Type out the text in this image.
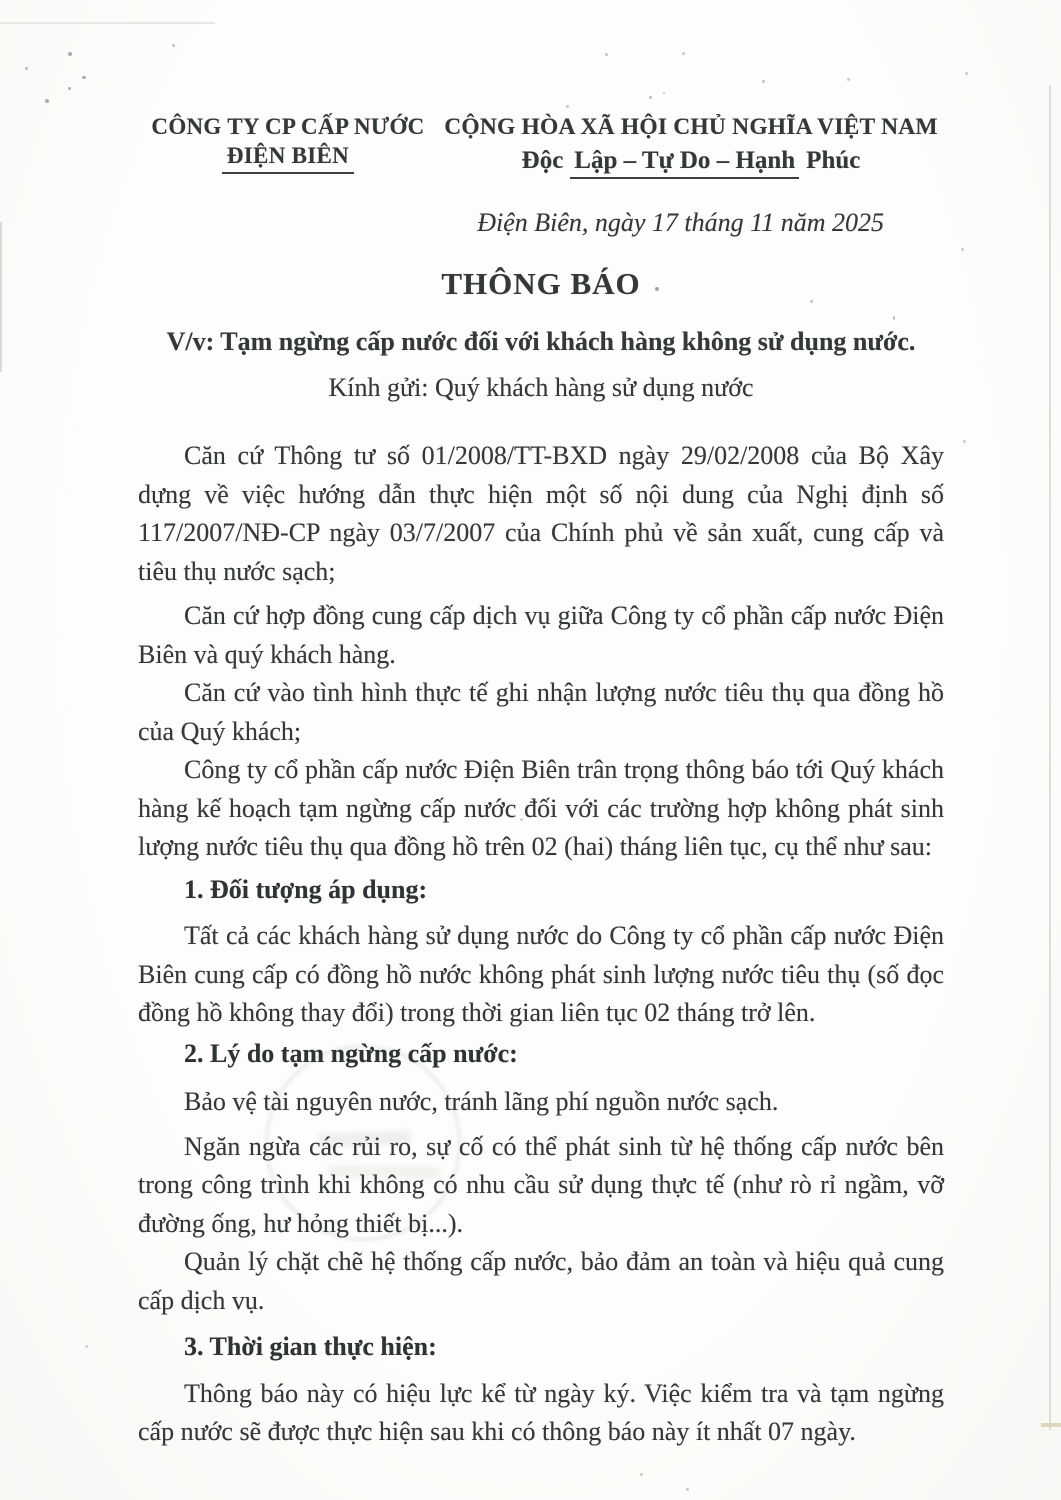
CÔNG TY CP CẤP NƯỚC
ĐIỆN BIÊN
CỘNG HÒA XÃ HỘI CHỦ NGHĨA VIỆT NAM
Độc Lập – Tự Do – Hạnh Phúc
Điện Biên, ngày 17 tháng 11 năm 2025
THÔNG BÁO
V/v: Tạm ngừng cấp nước đối với khách hàng không sử dụng nước.
Kính gửi: Quý khách hàng sử dụng nước

Căn cứ Thông tư số 01/2008/TT-BXD ngày 29/02/2008 của Bộ Xây dựng về việc hướng dẫn thực hiện một số nội dung của Nghị định số 117/2007/NĐ-CP ngày 03/7/2007 của Chính phủ về sản xuất, cung cấp và tiêu thụ nước sạch;

Căn cứ hợp đồng cung cấp dịch vụ giữa Công ty cổ phần cấp nước Điện Biên và quý khách hàng.

Căn cứ vào tình hình thực tế ghi nhận lượng nước tiêu thụ qua đồng hồ của Quý khách;

Công ty cổ phần cấp nước Điện Biên trân trọng thông báo tới Quý khách hàng kế hoạch tạm ngừng cấp nước đối với các trường hợp không phát sinh lượng nước tiêu thụ qua đồng hồ trên 02 (hai) tháng liên tục, cụ thể như sau:

1. Đối tượng áp dụng:

Tất cả các khách hàng sử dụng nước do Công ty cổ phần cấp nước Điện Biên cung cấp có đồng hồ nước không phát sinh lượng nước tiêu thụ (số đọc đồng hồ không thay đổi) trong thời gian liên tục 02 tháng trở lên.

2. Lý do tạm ngừng cấp nước:

Bảo vệ tài nguyên nước, tránh lãng phí nguồn nước sạch.

Ngăn ngừa các rủi ro, sự cố có thể phát sinh từ hệ thống cấp nước bên trong công trình khi không có nhu cầu sử dụng thực tế (như rò rỉ ngầm, vỡ đường ống, hư hỏng thiết bị...).

Quản lý chặt chẽ hệ thống cấp nước, bảo đảm an toàn và hiệu quả cung cấp dịch vụ.

3. Thời gian thực hiện:

Thông báo này có hiệu lực kể từ ngày ký. Việc kiểm tra và tạm ngừng cấp nước sẽ được thực hiện sau khi có thông báo này ít nhất 07 ngày.
